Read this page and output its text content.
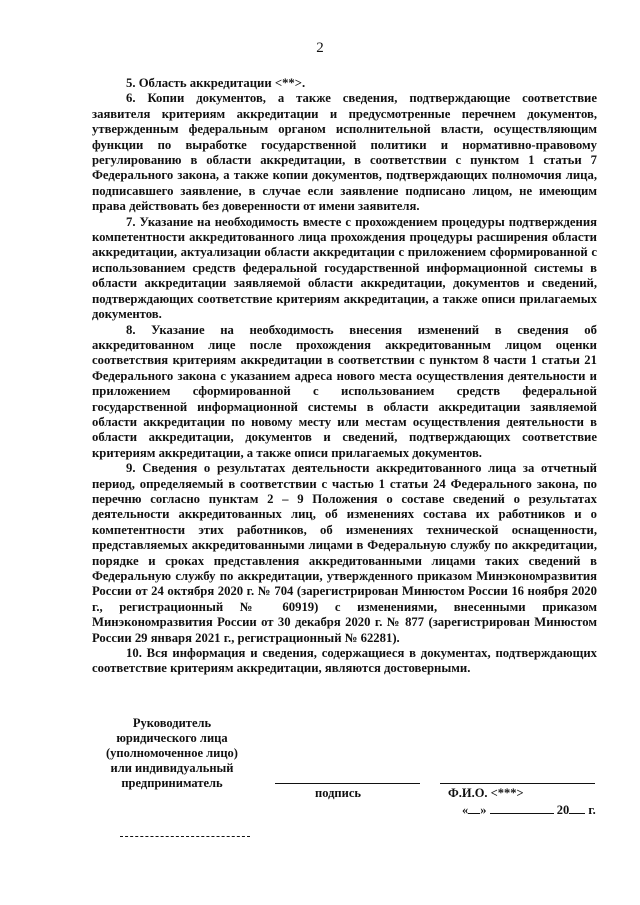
2

5. Область аккредитации <**>.

6. Копии документов, а также сведения, подтверждающие соответствие заявителя критериям аккредитации и предусмотренные перечнем документов, утвержденным федеральным органом исполнительной власти, осуществляющим функции по выработке государственной политики и нормативно-правовому регулированию в области аккредитации, в соответствии с пунктом 1 статьи 7 Федерального закона, а также копии документов, подтверждающих полномочия лица, подписавшего заявление, в случае если заявление подписано лицом, не имеющим права действовать без доверенности от имени заявителя.

7. Указание на необходимость вместе с прохождением процедуры подтверждения компетентности аккредитованного лица прохождения процедуры расширения области аккредитации, актуализации области аккредитации с приложением сформированной с использованием средств федеральной государственной информационной системы в области аккредитации заявляемой области аккредитации, документов и сведений, подтверждающих соответствие критериям аккредитации, а также описи прилагаемых документов.

8. Указание на необходимость внесения изменений в сведения об аккредитованном лице после прохождения аккредитованным лицом оценки соответствия критериям аккредитации в соответствии с пунктом 8 части 1 статьи 21 Федерального закона с указанием адреса нового места осуществления деятельности и приложением сформированной с использованием средств федеральной государственной информационной системы в области аккредитации заявляемой области аккредитации по новому месту или местам осуществления деятельности в области аккредитации, документов и сведений, подтверждающих соответствие критериям аккредитации, а также описи прилагаемых документов.

9. Сведения о результатах деятельности аккредитованного лица за отчетный период, определяемый в соответствии с частью 1 статьи 24 Федерального закона, по перечню согласно пунктам 2 – 9 Положения о составе сведений о результатах деятельности аккредитованных лиц, об изменениях состава их работников и о компетентности этих работников, об изменениях технической оснащенности, представляемых аккредитованными лицами в Федеральную службу по аккредитации, порядке и сроках представления аккредитованными лицами таких сведений в Федеральную службу по аккредитации, утвержденного приказом Минэкономразвития России от 24 октября 2020 г. № 704 (зарегистрирован Минюстом России 16 ноября 2020 г., регистрационный № 60919) с изменениями, внесенными приказом Минэкономразвития России от 30 декабря 2020 г. № 877 (зарегистрирован Минюстом России 29 января 2021 г., регистрационный № 62281).

10. Вся информация и сведения, содержащиеся в документах, подтверждающих соответствие критериям аккредитации, являются достоверными.

Руководитель
юридического лица
(уполномоченное лицо)
или индивидуальный
предприниматель
подпись	Ф.И.О. <***>
« »	20 г.
